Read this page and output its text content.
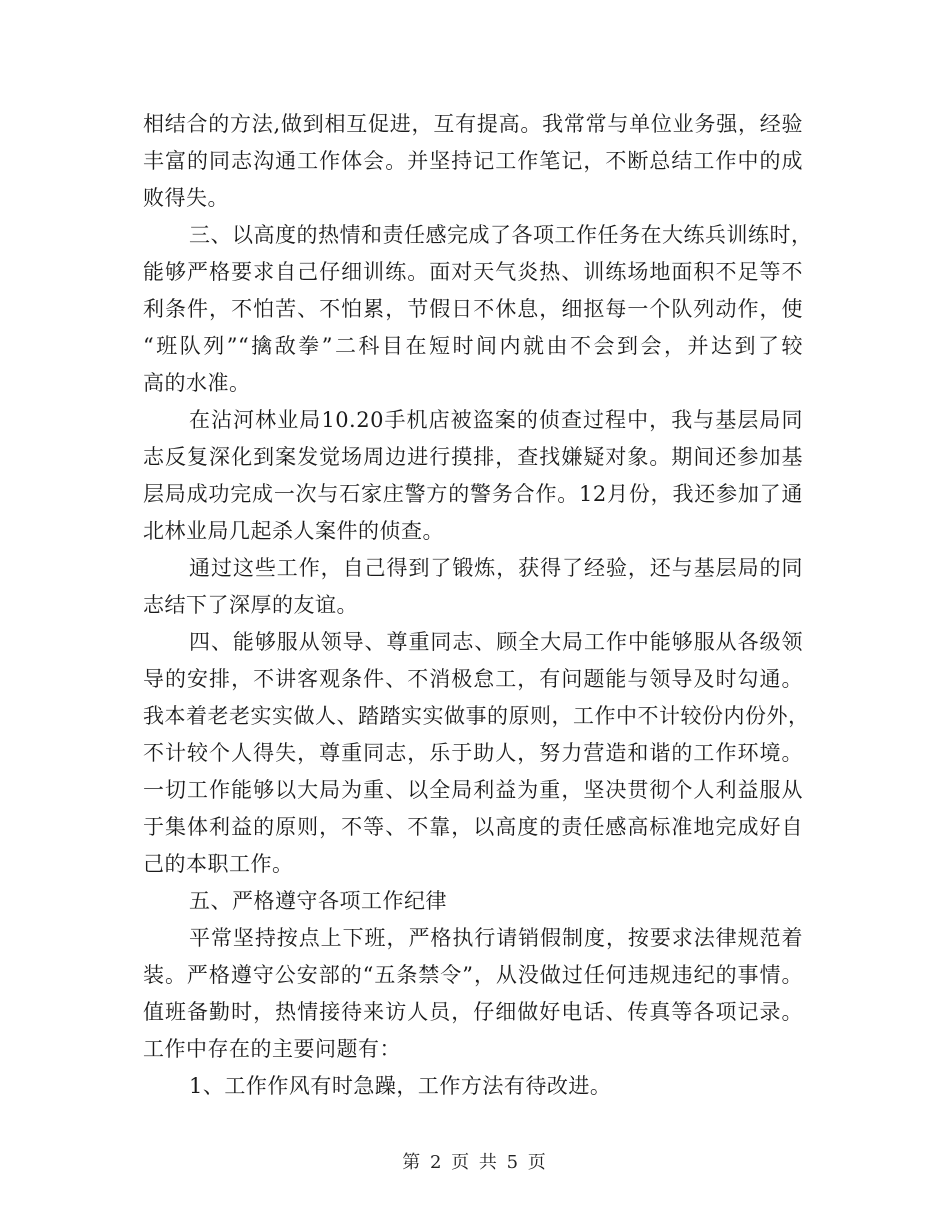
相结合的方法,做到相互促进，互有提高。我常常与单位业务强，经验
丰富的同志沟通工作体会。并坚持记工作笔记，不断总结工作中的成
败得失。
三、以高度的热情和责任感完成了各项工作任务在大练兵训练时，
能够严格要求自己仔细训练。面对天气炎热、训练场地面积不足等不
利条件，不怕苦、不怕累，节假日不休息，细抠每一个队列动作，使
“班队列”“擒敌拳”二科目在短时间内就由不会到会，并达到了较
高的水准。
在沾河林业局10.20手机店被盗案的侦查过程中，我与基层局同
志反复深化到案发觉场周边进行摸排，查找嫌疑对象。期间还参加基
层局成功完成一次与石家庄警方的警务合作。12月份，我还参加了通
北林业局几起杀人案件的侦查。
通过这些工作，自己得到了锻炼，获得了经验，还与基层局的同
志结下了深厚的友谊。
四、能够服从领导、尊重同志、顾全大局工作中能够服从各级领
导的安排，不讲客观条件、不消极怠工，有问题能与领导及时勾通。
我本着老老实实做人、踏踏实实做事的原则，工作中不计较份内份外，
不计较个人得失，尊重同志，乐于助人，努力营造和谐的工作环境。
一切工作能够以大局为重、以全局利益为重，坚决贯彻个人利益服从
于集体利益的原则，不等、不靠，以高度的责任感高标准地完成好自
己的本职工作。
五、严格遵守各项工作纪律
平常坚持按点上下班，严格执行请销假制度，按要求法律规范着
装。严格遵守公安部的“五条禁令”，从没做过任何违规违纪的事情。
值班备勤时，热情接待来访人员，仔细做好电话、传真等各项记录。
工作中存在的主要问题有：
1、工作作风有时急躁，工作方法有待改进。
第 2 页 共 5 页
